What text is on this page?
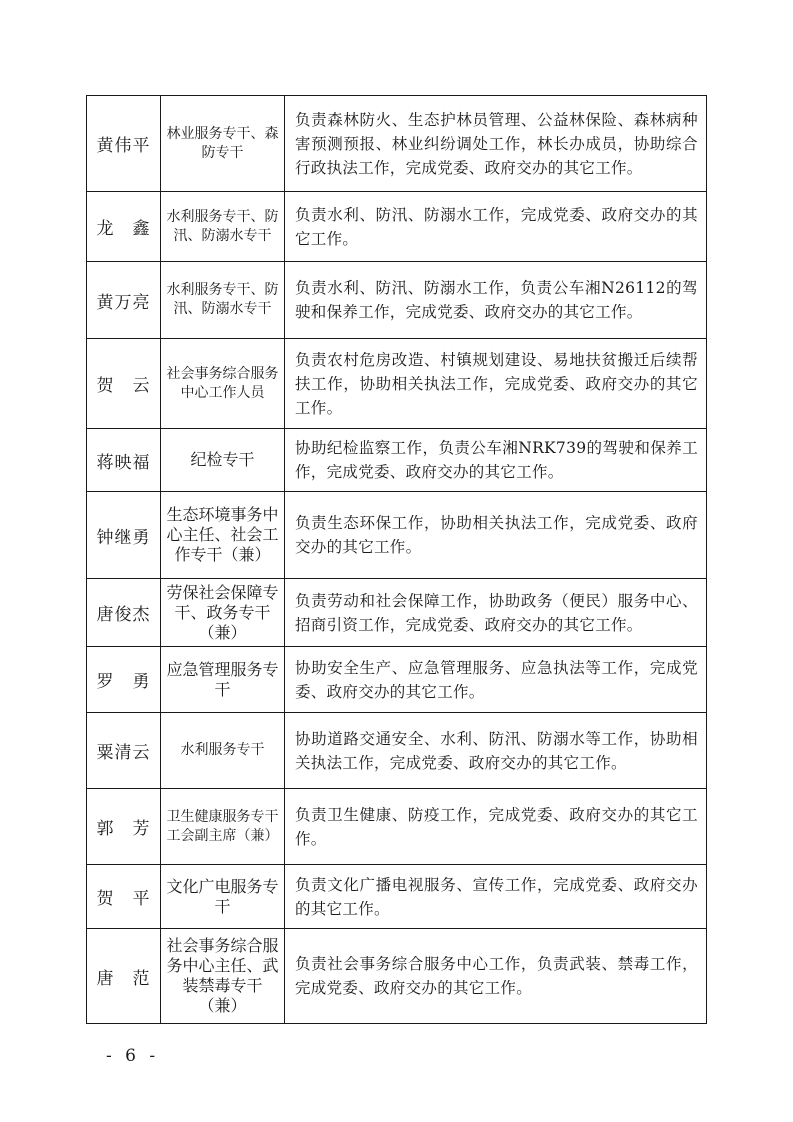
黄伟平	林业服务专干、森防专干	负责森林防火、生态护林员管理、公益林保险、森林病种害预测预报、林业纠纷调处工作，林长办成员，协助综合行政执法工作，完成党委、政府交办的其它工作。
龙　鑫	水利服务专干、防汛、防溺水专干	负责水利、防汛、防溺水工作，完成党委、政府交办的其它工作。
黄万亮	水利服务专干、防汛、防溺水专干	负责水利、防汛、防溺水工作，负责公车湘N26112的驾驶和保养工作，完成党委、政府交办的其它工作。
贺　云	社会事务综合服务中心工作人员	负责农村危房改造、村镇规划建设、易地扶贫搬迁后续帮扶工作，协助相关执法工作，完成党委、政府交办的其它工作。
蒋映福	纪检专干	协助纪检监察工作，负责公车湘NRK739的驾驶和保养工作，完成党委、政府交办的其它工作。
钟继勇	生态环境事务中心主任、社会工作专干（兼）	负责生态环保工作，协助相关执法工作，完成党委、政府交办的其它工作。
唐俊杰	劳保社会保障专干、政务专干（兼）	负责劳动和社会保障工作，协助政务（便民）服务中心、招商引资工作，完成党委、政府交办的其它工作。
罗　勇	应急管理服务专干	协助安全生产、应急管理服务、应急执法等工作，完成党委、政府交办的其它工作。
粟清云	水利服务专干	协助道路交通安全、水利、防汛、防溺水等工作，协助相关执法工作，完成党委、政府交办的其它工作。
郭　芳	卫生健康服务专干工会副主席（兼）	负责卫生健康、防疫工作，完成党委、政府交办的其它工作。
贺　平	文化广电服务专干	负责文化广播电视服务、宣传工作，完成党委、政府交办的其它工作。
唐　范	社会事务综合服务中心主任、武装禁毒专干（兼）	负责社会事务综合服务中心工作，负责武装、禁毒工作，完成党委、政府交办的其它工作。
- 6 -
